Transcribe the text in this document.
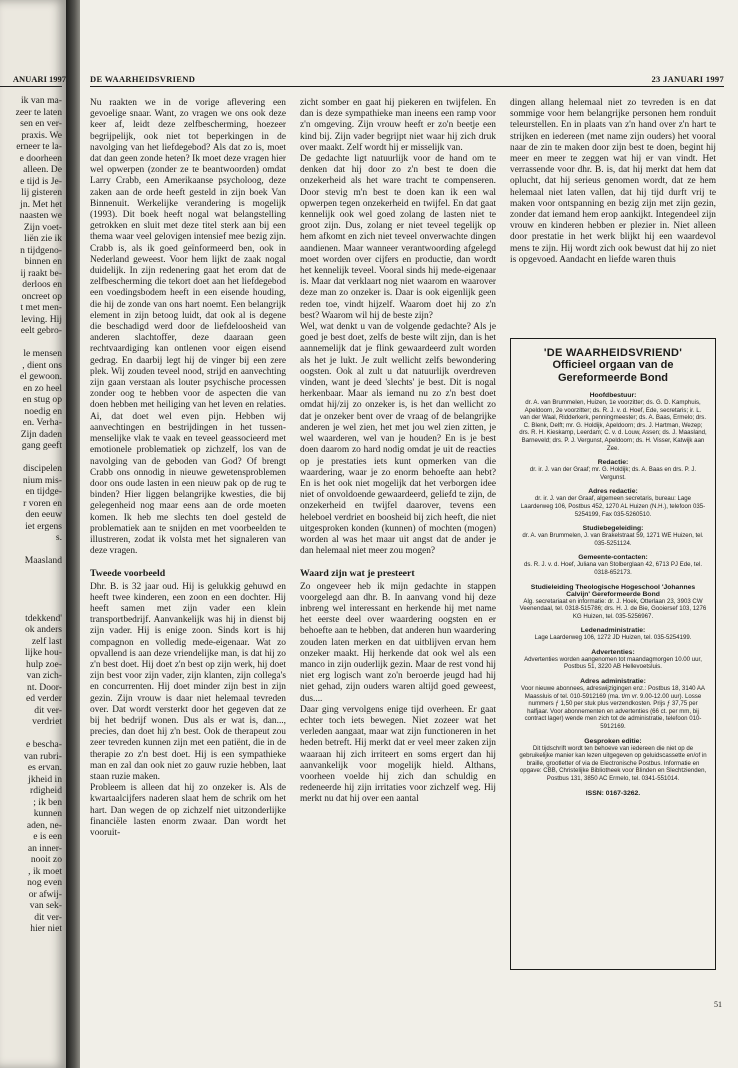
ANUARI 1997
ik van ma-
zeer te laten
sen en ver-
praxis. We
erneer te la-
e doorheen
alleen. De
e tijd is Je-
lij gisteren
jn. Met het
naasten we
Zijn voet-
liën zie ik
n tijdgeno-
binnen en
ij raakt be-
derloos en
oncreet op
t met men-
leving. Hij
eelt gebro-
le mensen
, dient ons
el gewoon.
en zo heel
en stug op
noedig en
en. Verha-
Zijn daden
gang geeft
discipelen
nium mis-
en tijdge-
r voren en
den eeuw
iet ergens
s.
Maasland
tdekkend'
ok anders
zelf last
lijke hou-
hulp zoe-
van zich-
nt. Door-
ed verder
dit ver-
verdriet
e bescha-
van rubri-
es ervan.
jkheid in
rdigheid
; ik ben
kunnen
aden, ne-
e is een
an inner-
nooit zo
, ik moet
nog even
or afwij-
van sek-
dit ver-
hier niet
DE WAARHEIDSVRIEND	23 JANUARI 1997

Nu raakten we in de vorige aflevering een gevoelige snaar. Want, zo vragen we ons ook deze keer af, leidt deze zelfbescherming, hoezeer begrijpelijk, ook niet tot beperkingen in de navolging van het liefdegebod? Als dat zo is, moet dat dan geen zonde heten? Ik moet deze vragen hier wel opwerpen (zonder ze te beantwoorden) omdat Larry Crabb, een Amerikaanse psycholoog, deze zaken aan de orde heeft gesteld in zijn boek Van Binnenuit. Werkelijke verandering is mogelijk (1993). Dit boek heeft nogal wat belangstelling getrokken en sluit met deze titel sterk aan bij een thema waar veel gelovigen intensief mee bezig zijn. Crabb is, als ik goed geïnformeerd ben, ook in Nederland geweest. Voor hem lijkt de zaak nogal duidelijk. In zijn redenering gaat het erom dat de zelfbescherming die tekort doet aan het liefdegebod een voedingsbodem heeft in een eisende houding, die hij de zonde van ons hart noemt. Een belangrijk element in zijn betoog luidt, dat ook al is degene die beschadigd werd door de liefdeloosheid van anderen slachtoffer, deze daaraan geen rechtvaardiging kan ontlenen voor eigen eisend gedrag. En daarbij legt hij de vinger bij een zere plek. Wij zouden teveel nood, strijd en aanvechting zijn gaan verstaan als louter psychische processen zonder oog te hebben voor de aspecten die van doen hebben met heiliging van het leven en relaties. Ai, dat doet wel even pijn. Hebben wij aanvechtingen en bestrijdingen in het tussen-menselijke vlak te vaak en teveel geassocieerd met emotionele problematiek op zichzelf, los van de navolging van de geboden van God? Of brengt Crabb ons onnodig in nieuwe gewetensproblemen door ons oude lasten in een nieuw pak op de rug te binden? Hier liggen belangrijke kwesties, die bij gelegenheid nog maar eens aan de orde moeten komen. Ik heb me slechts ten doel gesteld de problematiek aan te snijden en met voorbeelden te illustreren, zodat ik volsta met het signaleren van deze vragen.

Tweede voorbeeld

Dhr. B. is 32 jaar oud. Hij is gelukkig gehuwd en heeft twee kinderen, een zoon en een dochter. Hij heeft samen met zijn vader een klein transportbedrijf. Aanvankelijk was hij in dienst bij zijn vader. Hij is enige zoon. Sinds kort is hij compagnon en volledig mede-eigenaar. Wat zo opvallend is aan deze vriendelijke man, is dat hij zo z'n best doet. Hij doet z'n best op zijn werk, hij doet zijn best voor zijn vader, zijn klanten, zijn collega's en concurrenten. Hij doet minder zijn best in zijn gezin. Zijn vrouw is daar niet helemaal tevreden over. Dat wordt versterkt door het gegeven dat ze bij het bedrijf wonen. Dus als er wat is, dan..., precies, dan doet hij z'n best. Ook de therapeut zou zeer tevreden kunnen zijn met een patiënt, die in de therapie zo z'n best doet. Hij is een sympathieke man en zal dan ook niet zo gauw ruzie hebben, laat staan ruzie maken.

Probleem is alleen dat hij zo onzeker is. Als de kwartaalcijfers naderen slaat hem de schrik om het hart. Dan wegen de op zichzelf niet uitzonderlijke financiële lasten enorm zwaar. Dan wordt het vooruit-

zicht somber en gaat hij piekeren en twijfelen. En dan is deze sympathieke man ineens een ramp voor z'n omgeving. Zijn vrouw heeft er zo'n beetje een kind bij. Zijn vader begrijpt niet waar hij zich druk over maakt. Zelf wordt hij er misselijk van.

De gedachte ligt natuurlijk voor de hand om te denken dat hij door zo z'n best te doen die onzekerheid als het ware tracht te compenseren. Door stevig m'n best te doen kan ik een wal opwerpen tegen onzekerheid en twijfel. En dat gaat kennelijk ook wel goed zolang de lasten niet te groot zijn. Dus, zolang er niet teveel tegelijk op hem afkomt en zich niet teveel onverwachte dingen aandienen. Maar wanneer verantwoording afgelegd moet worden over cijfers en productie, dan wordt het kennelijk teveel. Vooral sinds hij mede-eigenaar is. Maar dat verklaart nog niet waarom en waarover deze man zo onzeker is. Daar is ook eigenlijk geen reden toe, vindt hijzelf. Waarom doet hij zo z'n best? Waarom wil hij de beste zijn?

Wel, wat denkt u van de volgende gedachte? Als je goed je best doet, zelfs de beste wilt zijn, dan is het aannemelijk dat je flink gewaardeerd zult worden als het je lukt. Je zult wellicht zelfs bewondering oogsten. Ook al zult u dat natuurlijk overdreven vinden, want je deed 'slechts' je best. Dit is nogal herkenbaar. Maar als iemand nu zo z'n best doet omdat hij/zij zo onzeker is, is het dan wellicht zo dat je onzeker bent over de vraag of de belangrijke anderen je wel zien, het met jou wel zien zitten, je wel waarderen, wel van je houden? En is je best doen daarom zo hard nodig omdat je uit de reacties op je prestaties iets kunt opmerken van die waardering, waar je zo enorm behoefte aan hebt? En is het ook niet mogelijk dat het verborgen idee niet of onvoldoende gewaardeerd, geliefd te zijn, de onzekerheid en twijfel daarover, tevens een heleboel verdriet en boosheid bij zich heeft, die niet uitgesproken konden (kunnen) of mochten (mogen) worden al was het maar uit angst dat de ander je dan helemaal niet meer zou mogen?

Waard zijn wat je presteert

Zo ongeveer heb ik mijn gedachte in stappen voorgelegd aan dhr. B. In aanvang vond hij deze inbreng wel interessant en herkende hij met name het eerste deel over waardering oogsten en er behoefte aan te hebben, dat anderen hun waardering zouden laten merken en dat uitblijven ervan hem onzeker maakt. Hij herkende dat ook wel als een manco in zijn ouderlijk gezin. Maar de rest vond hij niet erg logisch want zo'n beroerde jeugd had hij niet gehad, zijn ouders waren altijd goed geweest, dus....

Daar ging vervolgens enige tijd overheen. Er gaat echter toch iets bewegen. Niet zozeer wat het verleden aangaat, maar wat zijn functioneren in het heden betreft. Hij merkt dat er veel meer zaken zijn waaraan hij zich irriteert en soms ergert dan hij aanvankelijk voor mogelijk hield. Althans, voorheen voelde hij zich dan schuldig en redeneerde hij zijn irritaties voor zichzelf weg. Hij merkt nu dat hij over een aantal

dingen allang helemaal niet zo tevreden is en dat sommige voor hem belangrijke personen hem ronduit teleurstellen. En in plaats van z'n hand over z'n hart te strijken en iedereen (met name zijn ouders) het vooral naar de zin te maken door zijn best te doen, begint hij meer en meer te zeggen wat hij er van vindt. Het verrassende voor dhr. B. is, dat hij merkt dat hem dat oplucht, dat hij serieus genomen wordt, dat ze hem helemaal niet laten vallen, dat hij tijd durft vrij te maken voor ontspanning en bezig zijn met zijn gezin, zonder dat iemand hem erop aankijkt. Integendeel zijn vrouw en kinderen hebben er plezier in. Niet alleen door prestatie in het werk blijkt hij een waardevol mens te zijn. Hij wordt zich ook bewust dat hij zo niet is opgevoed. Aandacht en liefde waren thuis

'DE WAARHEIDSVRIEND'
Officieel orgaan van de Gereformeerde Bond
Hoofdbestuur:
dr. A. van Brummelen, Huizen, 1e voorzitter; ds. G. D. Kamphuis, Apeldoorn, 2e voorzitter; ds. R. J. v. d. Hoef, Ede, secretaris; ir. L. van der Waal, Ridderkerk, penningmeester; ds. A. Baas, Ermelo; drs. C. Blenk, Delft; mr. G. Holdijk, Apeldoorn; drs. J. Hartman, Wezep; drs. R. H. Kieskamp, Leerdam; C. v. d. Louw, Assen; ds. J. Maasland, Barneveld; drs. P. J. Vergunst, Apeldoorn; ds. H. Visser, Katwijk aan Zee.
Redactie:
dr. ir. J. van der Graaf; mr. G. Holdijk; ds. A. Baas en drs. P. J. Vergunst.
Adres redactie:
dr. ir. J. van der Graaf, algemeen secretaris, bureau: Lage Laarderweg 106, Postbus 452, 1270 AL Huizen (N.H.), telefoon 035-5254199, Fax 035-5260510.
Studiebegeleiding:
dr. A. van Brummelen, J. van Brakelstraat 59, 1271 WE Huizen, tel. 035-5251124.
Gemeente-contacten:
ds. R. J. v. d. Hoef, Juliana van Stolberglaan 42, 6713 PJ Ede, tel. 0318-652173.
Studieleiding Theologische Hogeschool 'Johannes Calvijn' Gereformeerde Bond
Alg. secretariaat en informatie: dr. J. Hoek, Otterlaan 23, 3903 CW Veenendaal, tel. 0318-515786; drs. H. J. de Bie, Gooiersef 103, 1276 KG Huizen, tel. 035-5256967.
Ledenadministratie:
Lage Laarderweg 106, 1272 JD Huizen, tel. 035-5254199.
Advertenties:
Advertenties worden aangenomen tot maandagmorgen 10.00 uur, Postbus 51, 3220 AB Hellevoetsluis.
Adres administratie:
Voor nieuwe abonnees, adreswijzigingen enz.: Postbus 18, 3140 AA Maassluis of tel. 010-5912169 (ma. t/m vr. 9.00-12.00 uur). Losse nummers ƒ 1,50 per stuk plus verzendkosten. Prijs ƒ 37,75 per halfjaar. Voor abonnementen en advertenties (66 ct. per mm, bij contract lager) wende men zich tot de administratie, telefoon 010-5912169.
Gesproken editie:
Dit tijdschrift wordt ten behoeve van iedereen die niet op de gebruikelijke manier kan lezen uitgegeven op geluidscassette en/of in braille, grootletter of via de Electronische Postbus. Informatie en opgave: CBB, Christelijke Bibliotheek voor Blinden en Slechtzienden, Postbus 131, 3850 AC Ermelo, tel. 0341-551014.
ISSN: 0167-3262.
51
